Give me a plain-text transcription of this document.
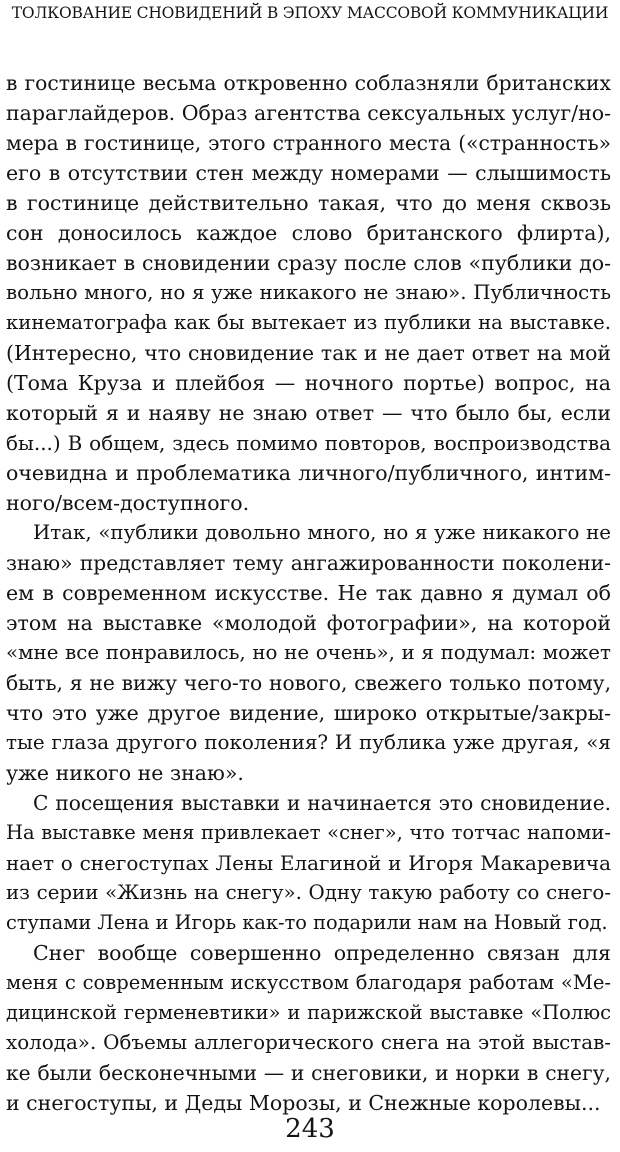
ТОЛКОВАНИЕ СНОВИДЕНИЙ В ЭПОХУ МАССОВОЙ КОММУНИКАЦИИ
в гостинице весьма откровенно соблазняли британских
параглайдеров. Образ агентства сексуальных услуг/но-
мера в гостинице, этого странного места («странность»
его в отсутствии стен между номерами — слышимость
в гостинице действительно такая, что до меня сквозь
сон доносилось каждое слово британского флирта),
возникает в сновидении сразу после слов «публики до-
вольно много, но я уже никакого не знаю». Публичность
кинематографа как бы вытекает из публики на выставке.
(Интересно, что сновидение так и не дает ответ на мой
(Тома Круза и плейбоя — ночного портье) вопрос, на
который я и наяву не знаю ответ — что было бы, если
бы...) В общем, здесь помимо повторов, воспроизводства
очевидна и проблематика личного/публичного, интим-
ного/всем-доступного.
Итак, «публики довольно много, но я уже никакого не
знаю» представляет тему ангажированности поколени-
ем в современном искусстве. Не так давно я думал об
этом на выставке «молодой фотографии», на которой
«мне все понравилось, но не очень», и я подумал: может
быть, я не вижу чего-то нового, свежего только потому,
что это уже другое видение, широко открытые/закры-
тые глаза другого поколения? И публика уже другая, «я
уже никого не знаю».
С посещения выставки и начинается это сновидение.
На выставке меня привлекает «снег», что тотчас напоми-
нает о снегоступах Лены Елагиной и Игоря Макаревича
из серии «Жизнь на снегу». Одну такую работу со снего-
ступами Лена и Игорь как-то подарили нам на Новый год.
Снег вообще совершенно определенно связан для
меня с современным искусством благодаря работам «Ме-
дицинской герменевтики» и парижской выставке «Полюс
холода». Объемы аллегорического снега на этой выстав-
ке были бесконечными — и снеговики, и норки в снегу,
и снегоступы, и Деды Морозы, и Снежные королевы...
243
